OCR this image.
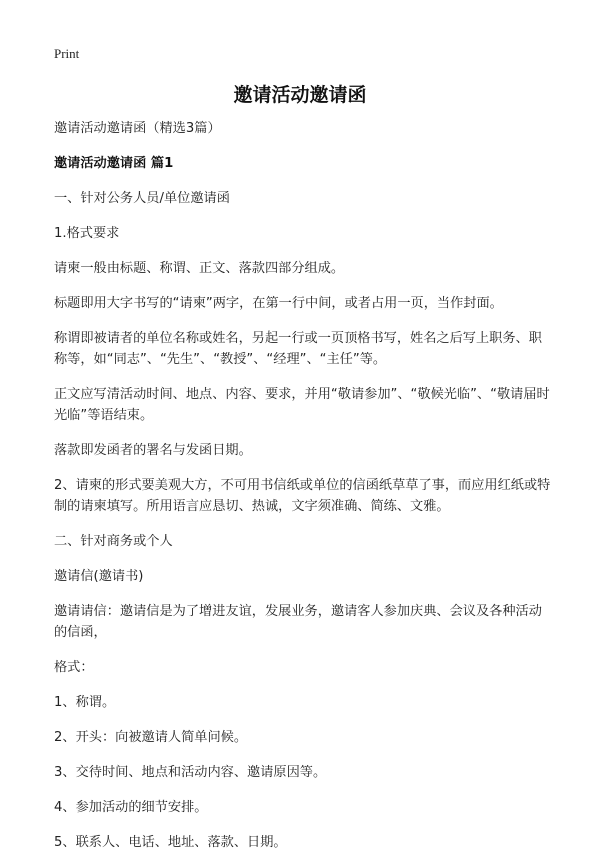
Print
邀请活动邀请函

邀请活动邀请函（精选3篇）

邀请活动邀请函 篇1

一、针对公务人员/单位邀请函

1.格式要求

请柬一般由标题、称谓、正文、落款四部分组成。

标题即用大字书写的“请柬”两字，在第一行中间，或者占用一页，当作封面。

称谓即被请者的单位名称或姓名，另起一行或一页顶格书写，姓名之后写上职务、职称等，如“同志”、“先生”、“教授”、“经理”、“主任”等。

正文应写清活动时间、地点、内容、要求，并用“敬请参加”、“敬候光临”、“敬请届时光临”等语结束。

落款即发函者的署名与发函日期。

2、请柬的形式要美观大方，不可用书信纸或单位的信函纸草草了事，而应用红纸或特制的请柬填写。所用语言应恳切、热诚，文字须准确、简练、文雅。

二、针对商务或个人

邀请信(邀请书)

邀请请信：邀请信是为了增进友谊，发展业务，邀请客人参加庆典、会议及各种活动的信函，

格式：

1、称谓。

2、开头：向被邀请人简单问候。

3、交待时间、地点和活动内容、邀请原因等。

4、参加活动的细节安排。

5、联系人、电话、地址、落款、日期。
